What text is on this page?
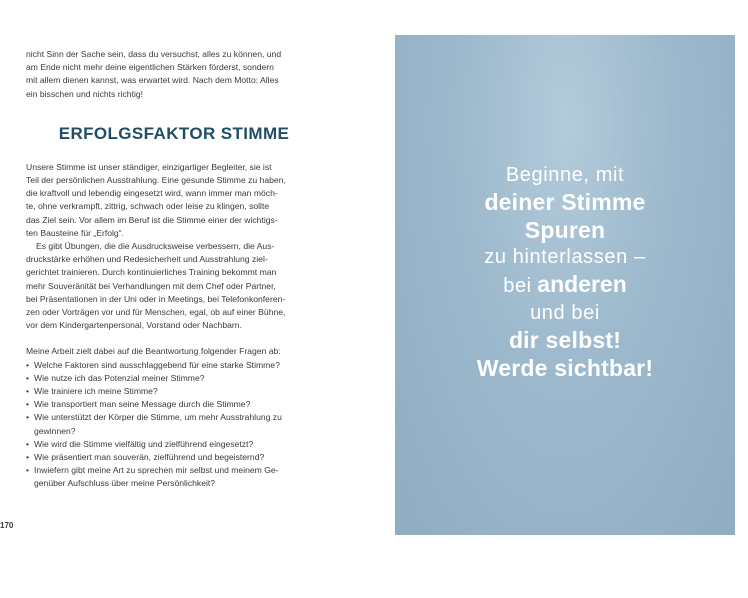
nicht Sinn der Sache sein, dass du versuchst, alles zu können, und
am Ende nicht mehr deine eigentlichen Stärken förderst, sondern
mit allem dienen kannst, was erwartet wird. Nach dem Motto: Alles
ein bisschen und nichts richtig!

ERFOLGSFAKTOR STIMME

Unsere Stimme ist unser ständiger, einzigartiger Begleiter, sie ist
Teil der persönlichen Ausstrahlung. Eine gesunde Stimme zu haben,
die kraftvoll und lebendig eingesetzt wird, wann immer man möch-
te, ohne verkrampft, zittrig, schwach oder leise zu klingen, sollte
das Ziel sein. Vor allem im Beruf ist die Stimme einer der wichtigs-
ten Bausteine für „Erfolg“.

Es gibt Übungen, die die Ausdrucksweise verbessern, die Aus-
druckstärke erhöhen und Redesicherheit und Ausstrahlung ziel-
gerichtet trainieren. Durch kontinuierliches Training bekommt man
mehr Souveränität bei Verhandlungen mit dem Chef oder Partner,
bei Präsentationen in der Uni oder in Meetings, bei Telefonkonferen-
zen oder Vorträgen vor und für Menschen, egal, ob auf einer Bühne,
vor dem Kindergartenpersonal, Vorstand oder Nachbarn.

Meine Arbeit zielt dabei auf die Beantwortung folgender Fragen ab:

• Welche Faktoren sind ausschlaggebend für eine starke Stimme?
• Wie nutze ich das Potenzial meiner Stimme?
• Wie trainiere ich meine Stimme?
• Wie transportiert man seine Message durch die Stimme?
• Wie unterstützt der Körper die Stimme, um mehr Ausstrahlung zu
gewinnen?
• Wie wird die Stimme vielfältig und zielführend eingesetzt?
• Wie präsentiert man souverän, zielführend und begeisternd?
• Inwiefern gibt meine Art zu sprechen mir selbst und meinem Ge-
genüber Aufschluss über meine Persönlichkeit?
170
Beginne, mit
deiner Stimme
Spuren
zu hinterlassen –
bei anderen
und bei
dir selbst!
Werde sichtbar!
